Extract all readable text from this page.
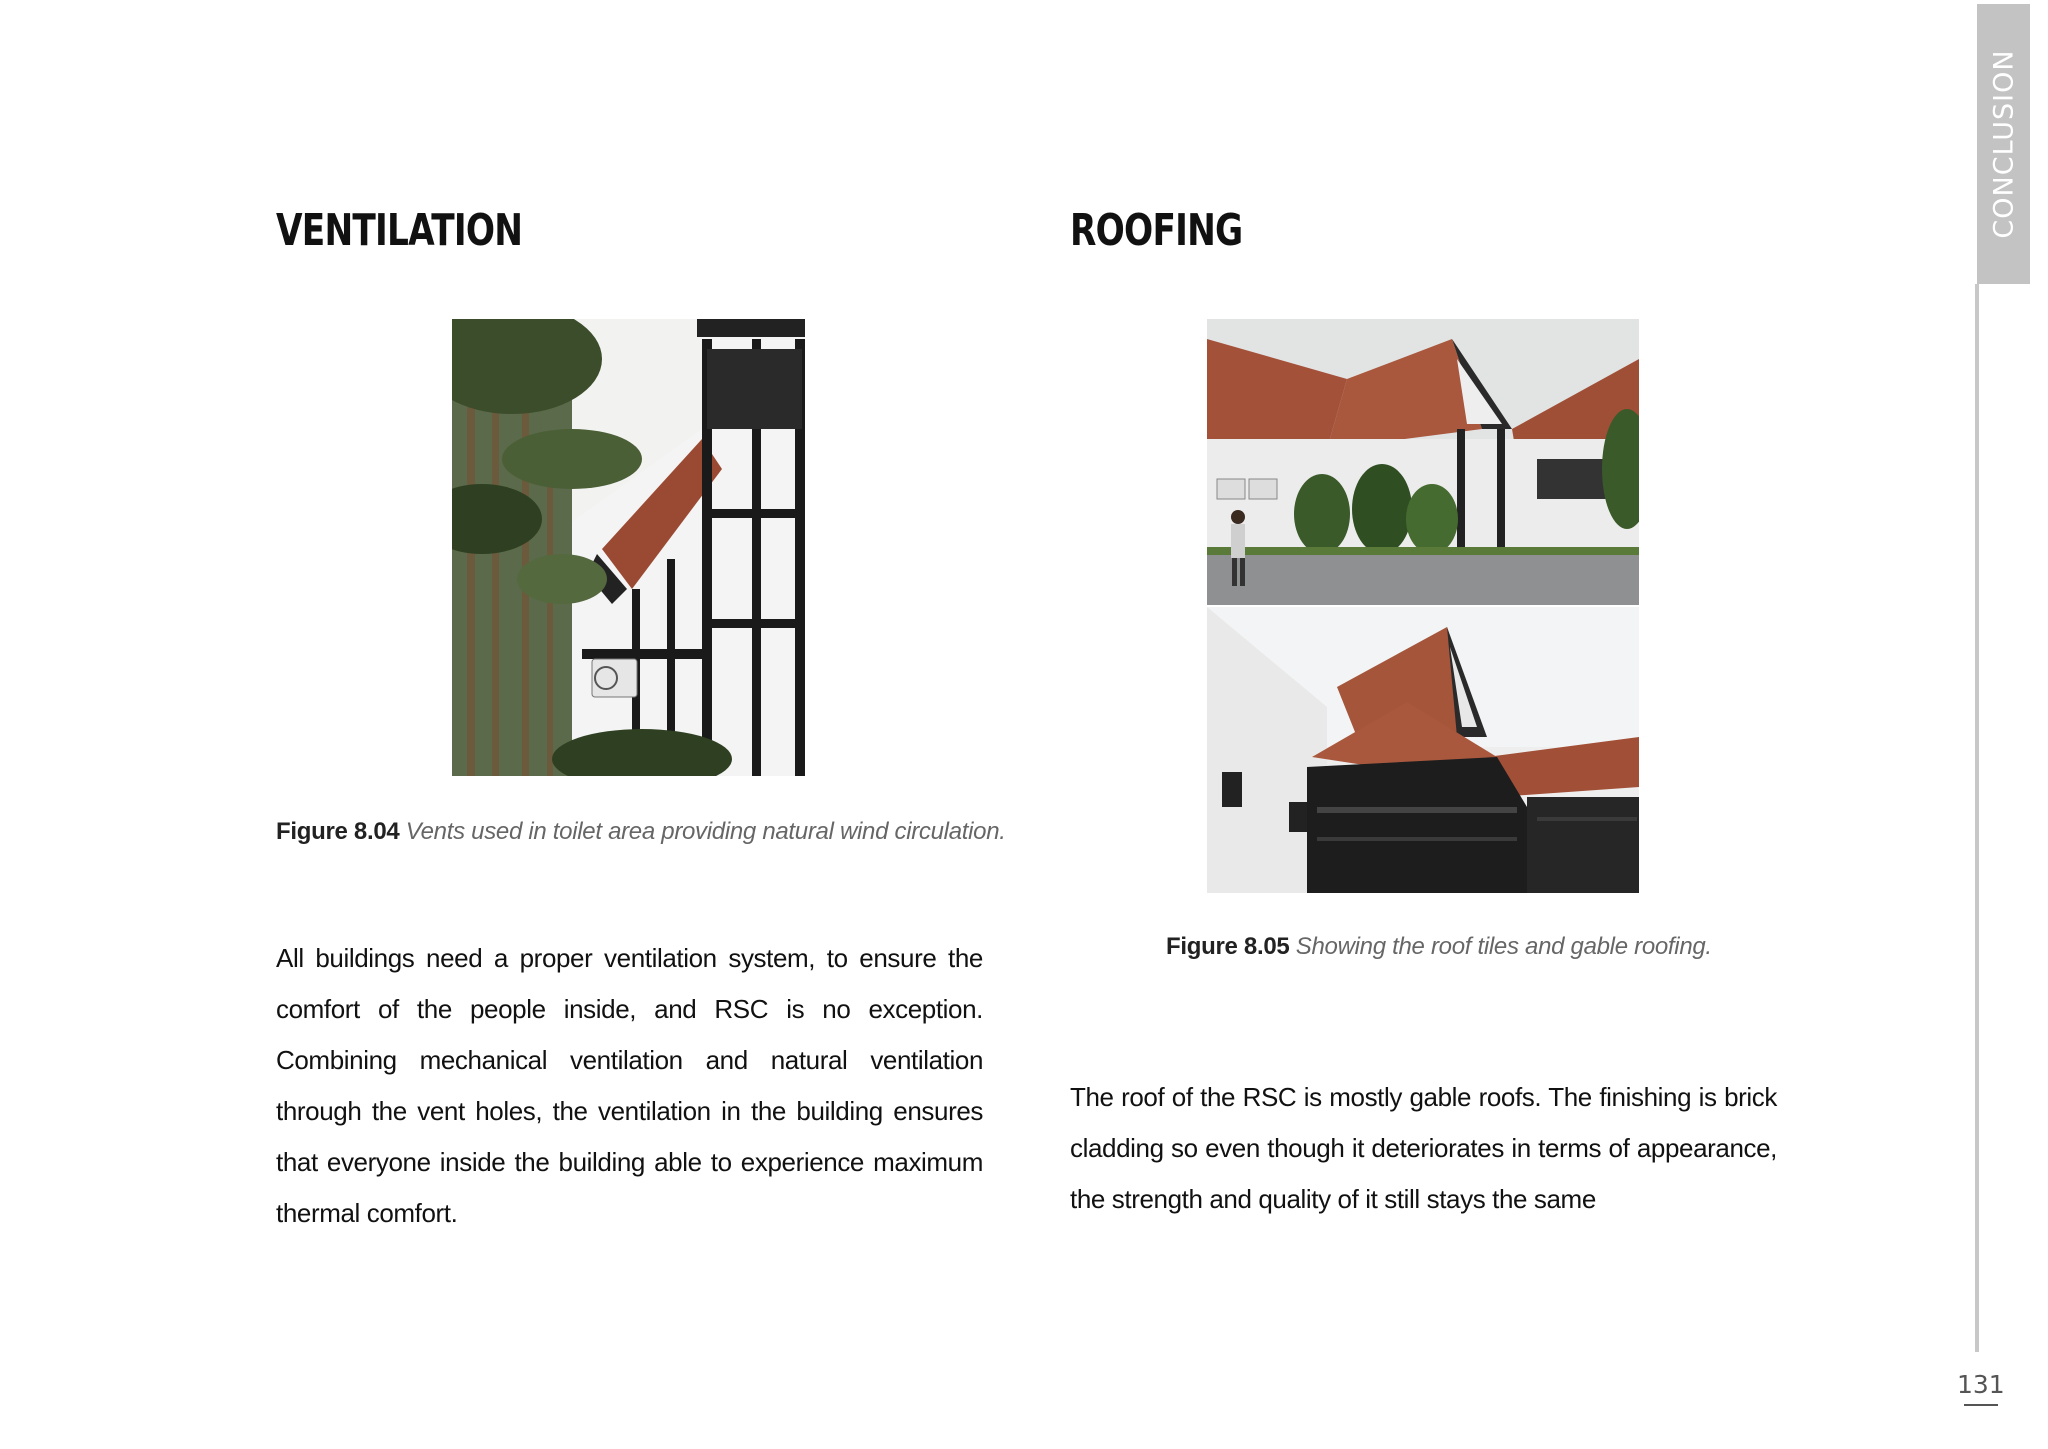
VENTILATION	ROOFING

Figure 8.04 Vents used in toilet area providing natural wind circulation.

All buildings need a proper ventilation system, to ensure the comfort of the people inside, and RSC is no exception. Combining mechanical ventilation and natural ventilation through the vent holes, the ventilation in the building ensures that everyone inside the building able to experience maximum thermal comfort.

Figure 8.05 Showing the roof tiles and gable roofing.

The roof of the RSC is mostly gable roofs. The finishing is brick cladding so even though it deteriorates in terms of appearance, the strength and quality of it still stays the same

CONCLUSION

131
